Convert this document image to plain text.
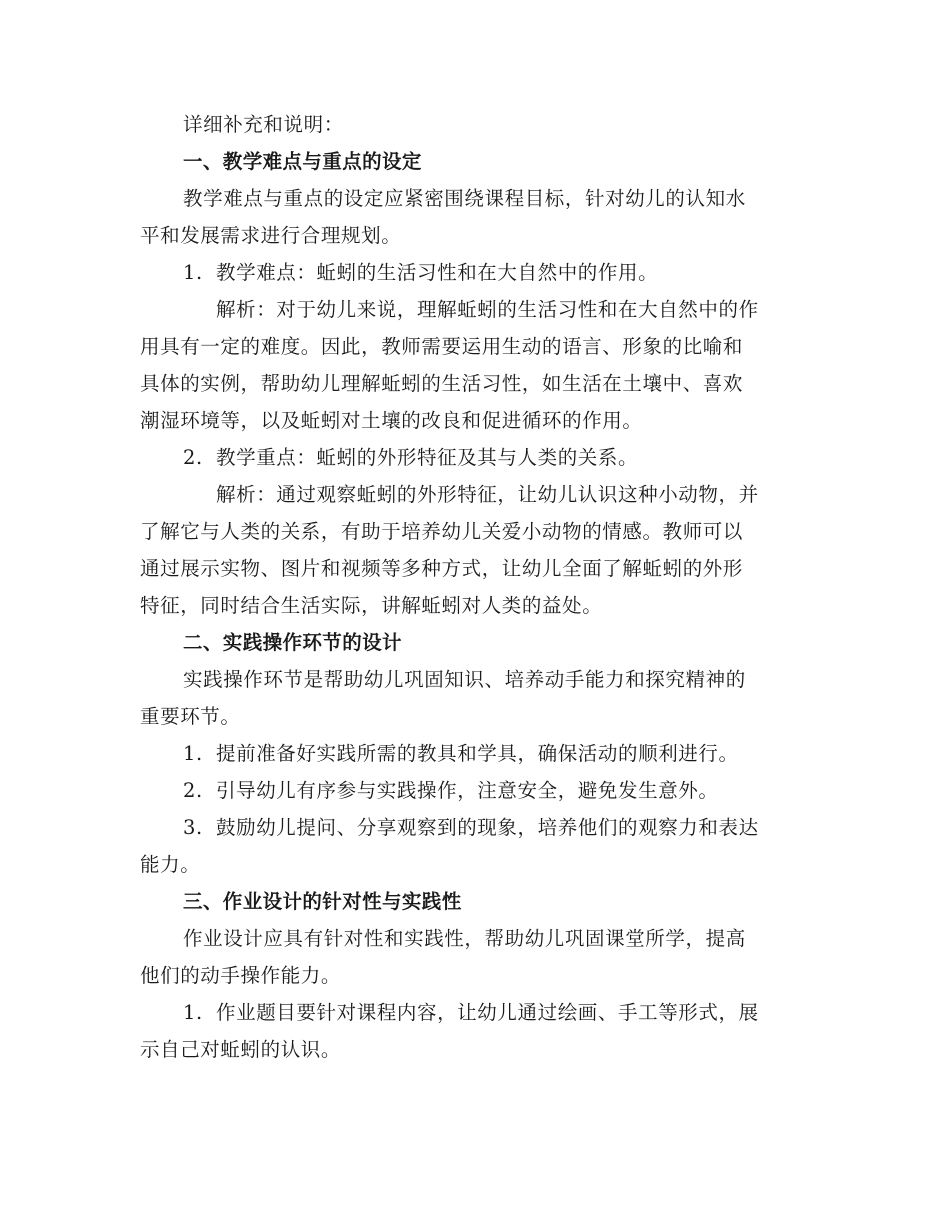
详细补充和说明：
一、教学难点与重点的设定
教学难点与重点的设定应紧密围绕课程目标，针对幼儿的认知水
平和发展需求进行合理规划。
1. 教学难点：蚯蚓的生活习性和在大自然中的作用。
解析：对于幼儿来说，理解蚯蚓的生活习性和在大自然中的作
用具有一定的难度。因此，教师需要运用生动的语言、形象的比喻和
具体的实例，帮助幼儿理解蚯蚓的生活习性，如生活在土壤中、喜欢
潮湿环境等，以及蚯蚓对土壤的改良和促进循环的作用。
2. 教学重点：蚯蚓的外形特征及其与人类的关系。
解析：通过观察蚯蚓的外形特征，让幼儿认识这种小动物，并
了解它与人类的关系，有助于培养幼儿关爱小动物的情感。教师可以
通过展示实物、图片和视频等多种方式，让幼儿全面了解蚯蚓的外形
特征，同时结合生活实际，讲解蚯蚓对人类的益处。
二、实践操作环节的设计
实践操作环节是帮助幼儿巩固知识、培养动手能力和探究精神的
重要环节。
1. 提前准备好实践所需的教具和学具，确保活动的顺利进行。
2. 引导幼儿有序参与实践操作，注意安全，避免发生意外。
3. 鼓励幼儿提问、分享观察到的现象，培养他们的观察力和表达
能力。
三、作业设计的针对性与实践性
作业设计应具有针对性和实践性，帮助幼儿巩固课堂所学，提高
他们的动手操作能力。
1. 作业题目要针对课程内容，让幼儿通过绘画、手工等形式，展
示自己对蚯蚓的认识。
